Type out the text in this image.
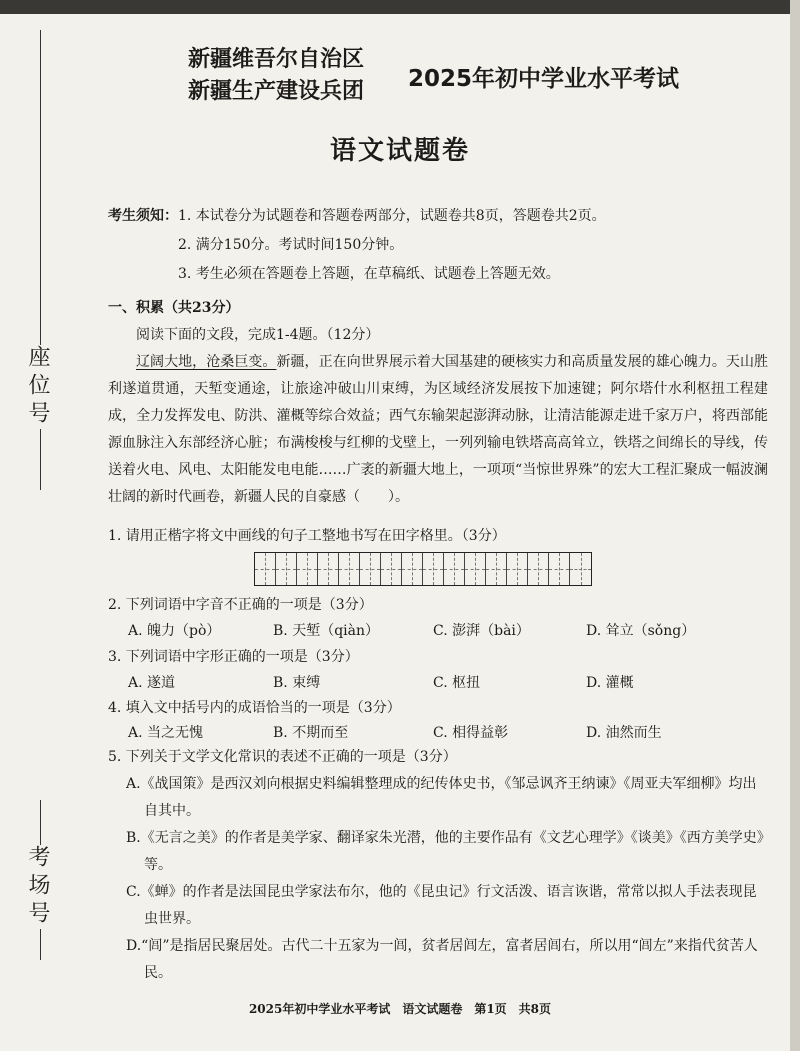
座位号
考场号
新疆维吾尔自治区
新疆生产建设兵团 2025年初中学业水平考试
语文试题卷
考生须知：1. 本试卷分为试题卷和答题卷两部分，试题卷共8页，答题卷共2页。
2. 满分150分。考试时间150分钟。
3. 考生必须在答题卷上答题，在草稿纸、试题卷上答题无效。
一、积累（共23分）
阅读下面的文段，完成1-4题。（12分）
辽阔大地，沧桑巨变。新疆，正在向世界展示着大国基建的硬核实力和高质量发展的雄心魄力。天山胜利遂道贯通，天堑变通途，让旅途冲破山川束缚，为区域经济发展按下加速键；阿尔塔什水利枢扭工程建成，全力发挥发电、防洪、灌概等综合效益；西气东输架起澎湃动脉，让清洁能源走进千家万户，将西部能源血脉注入东部经济心脏；布满梭梭与红柳的戈壁上，一列列输电铁塔高高耸立，铁塔之间绵长的导线，传送着火电、风电、太阳能发电电能……广袤的新疆大地上，一项项“当惊世界殊”的宏大工程汇聚成一幅波澜壮阔的新时代画卷，新疆人民的自豪感（　　）。
1. 请用正楷字将文中画线的句子工整地书写在田字格里。（3分）
2. 下列词语中字音不正确的一项是（3分）
A. 魄力（pò）	B. 天堑（qiàn）	C. 澎湃（bài）	D. 耸立（sǒng）
3. 下列词语中字形正确的一项是（3分）
A. 遂道	B. 束缚	C. 枢扭	D. 灌概
4. 填入文中括号内的成语恰当的一项是（3分）
A. 当之无愧	B. 不期而至	C. 相得益彰	D. 油然而生
5. 下列关于文学文化常识的表述不正确的一项是（3分）
A.《战国策》是西汉刘向根据史料编辑整理成的纪传体史书，《邹忌讽齐王纳谏》《周亚夫军细柳》均出自其中。
B.《无言之美》的作者是美学家、翻译家朱光潜，他的主要作品有《文艺心理学》《谈美》《西方美学史》等。
C.《蝉》的作者是法国昆虫学家法布尔，他的《昆虫记》行文活泼、语言诙谐，常常以拟人手法表现昆虫世界。
D.“闾”是指居民聚居处。古代二十五家为一闾，贫者居闾左，富者居闾右，所以用“闾左”来指代贫苦人民。
2025年初中学业水平考试　语文试题卷　第1页　共8页
